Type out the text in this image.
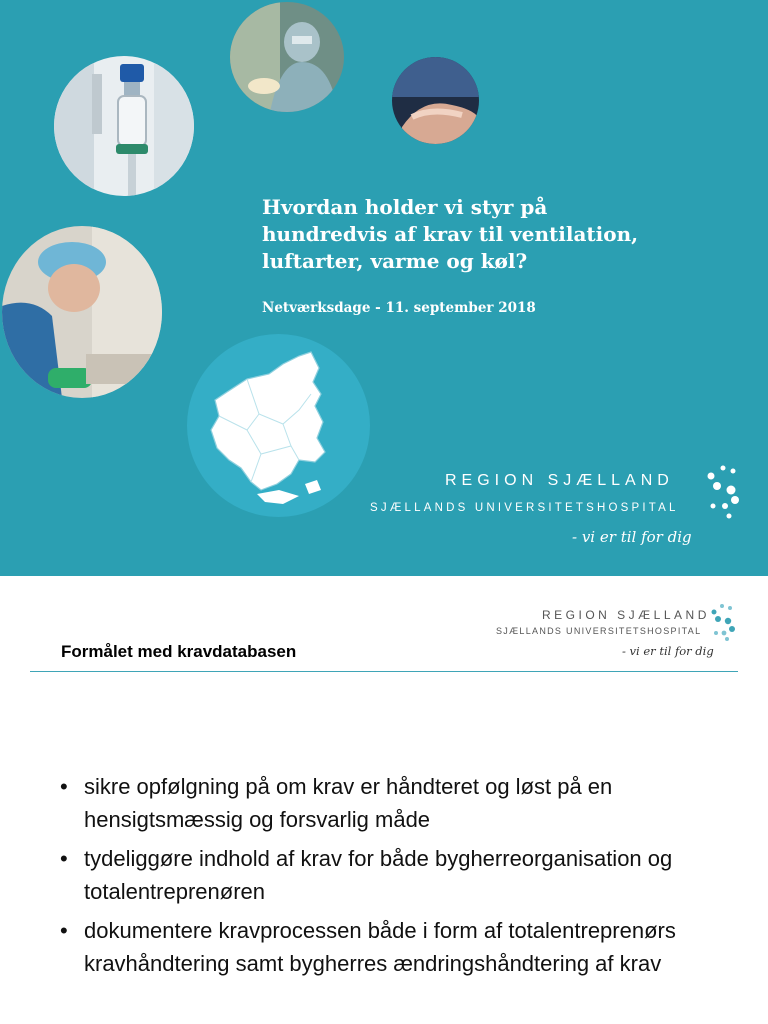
Hvordan holder vi styr på
hundredvis af krav til ventilation,
luftarter, varme og køl?
Netværksdage - 11. september 2018
REGION SJÆLLAND
SJÆLLANDS UNIVERSITETSHOSPITAL
- vi er til for dig
REGION SJÆLLAND
SJÆLLANDS UNIVERSITETSHOSPITAL
- vi er til for dig
Formålet med kravdatabasen
• sikre opfølgning på om krav er håndteret og løst på en hensigtsmæssig og forsvarlig måde
• tydeliggøre indhold af krav for både bygherreorganisation og totalentreprenøren
• dokumentere kravprocessen både i form af totalentreprenørs kravhåndtering samt bygherres ændringshåndtering af krav
